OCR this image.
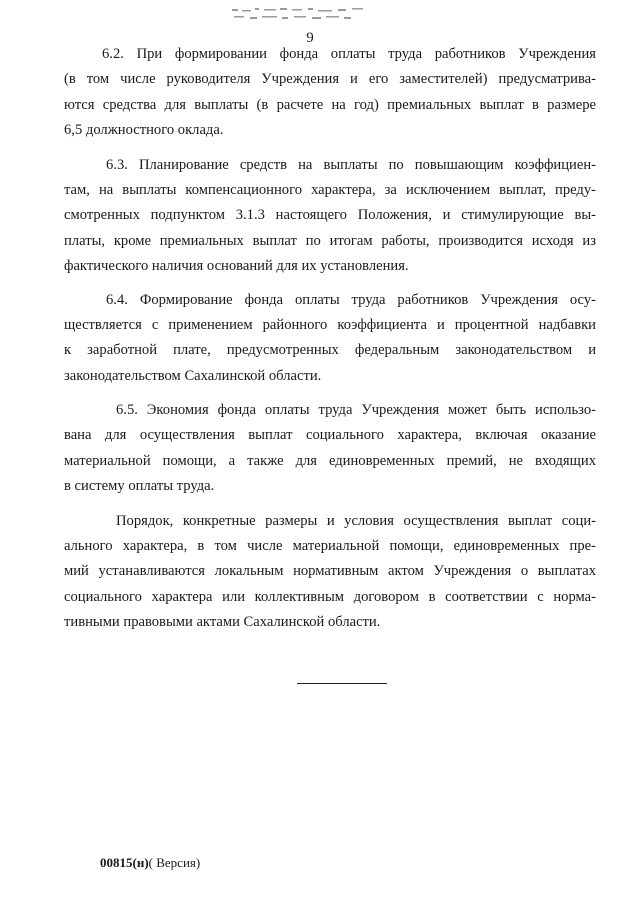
9
6.2. При формировании фонда оплаты труда работников Учреждения
(в том числе руководителя Учреждения и его заместителей) предусматрива-
ются средства для выплаты (в расчете на год) премиальных выплат в размере
6,5 должностного оклада.
6.3. Планирование средств на выплаты по повышающим коэффициен-
там, на выплаты компенсационного характера, за исключением выплат, преду-
смотренных подпунктом 3.1.3 настоящего Положения, и стимулирующие вы-
платы, кроме премиальных выплат по итогам работы, производится исходя из
фактического наличия оснований для их установления.
6.4. Формирование фонда оплаты труда работников Учреждения осу-
ществляется с применением районного коэффициента и процентной надбавки
к заработной плате, предусмотренных федеральным законодательством и
законодательством Сахалинской области.
6.5. Экономия фонда оплаты труда Учреждения может быть использо-
вана для осуществления выплат социального характера, включая оказание
материальной помощи, а также для единовременных премий, не входящих
в систему оплаты труда.
Порядок, конкретные размеры и условия осуществления выплат соци-
ального характера, в том числе материальной помощи, единовременных пре-
мий устанавливаются локальным нормативным актом Учреждения о выплатах
социального характера или коллективным договором в соответствии с норма-
тивными правовыми актами Сахалинской области.
00815(н)( Версия)
